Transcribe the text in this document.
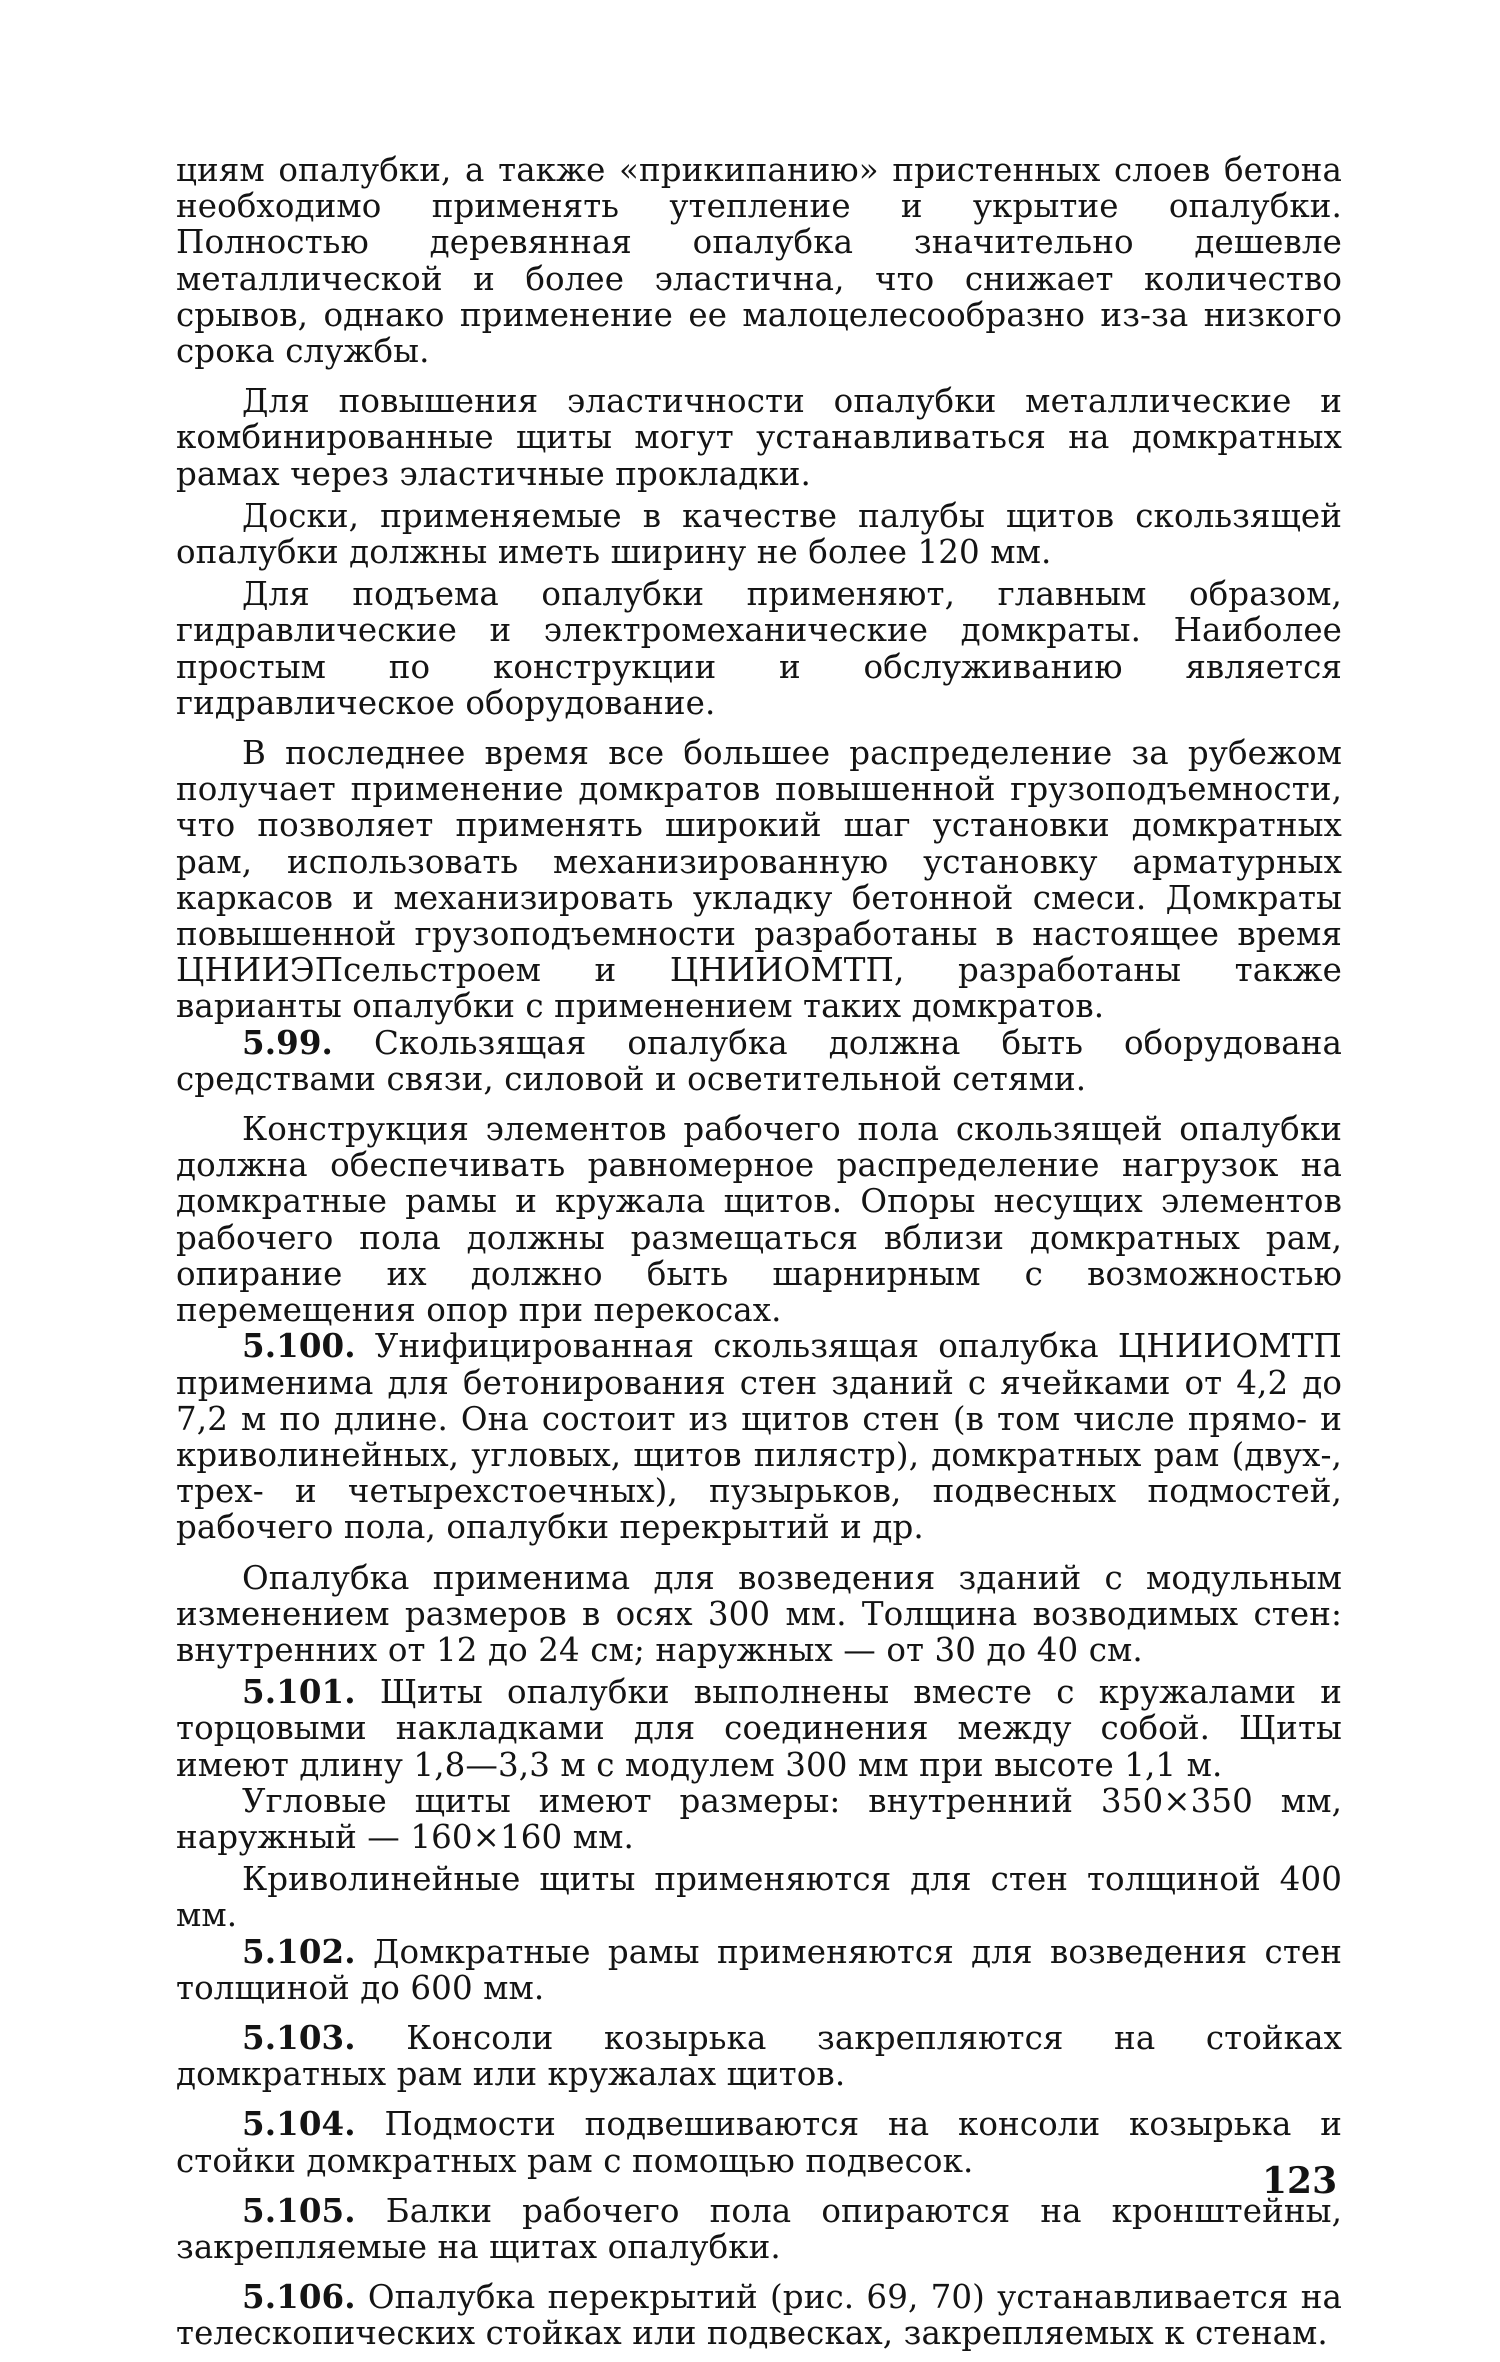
циям опалубки, а также «прикипанию» пристенных слоев бетона необходимо применять утепление и укрытие опалубки. Полностью деревянная опалубка значительно дешевле металлической и более эластична, что снижает количество срывов, однако применение ее малоцелесообразно из-за низкого срока службы.

Для повышения эластичности опалубки металлические и комбинированные щиты могут устанавливаться на домкратных рамах через эластичные прокладки.

Доски, применяемые в качестве палубы щитов скользящей опалубки должны иметь ширину не более 120 мм.

Для подъема опалубки применяют, главным образом, гидравлические и электромеханические домкраты. Наиболее простым по конструкции и обслуживанию является гидравлическое оборудование.

В последнее время все большее распределение за рубежом получает применение домкратов повышенной грузоподъемности, что позволяет применять широкий шаг установки домкратных рам, использовать механизированную установку арматурных каркасов и механизировать укладку бетонной смеси. Домкраты повышенной грузоподъемности разработаны в настоящее время ЦНИИЭПсельстроем и ЦНИИОМТП, разработаны также варианты опалубки с применением таких домкратов.

5.99. Скользящая опалубка должна быть оборудована средствами связи, силовой и осветительной сетями.

Конструкция элементов рабочего пола скользящей опалубки должна обеспечивать равномерное распределение нагрузок на домкратные рамы и кружала щитов. Опоры несущих элементов рабочего пола должны размещаться вблизи домкратных рам, опирание их должно быть шарнирным с возможностью перемещения опор при перекосах.

5.100. Унифицированная скользящая опалубка ЦНИИОМТП применима для бетонирования стен зданий с ячейками от 4,2 до 7,2 м по длине. Она состоит из щитов стен (в том числе прямо- и криволинейных, угловых, щитов пилястр), домкратных рам (двух-, трех- и четырехстоечных), пузырьков, подвесных подмостей, рабочего пола, опалубки перекрытий и др.

Опалубка применима для возведения зданий с модульным изменением размеров в осях 300 мм. Толщина возводимых стен: внутренних от 12 до 24 см; наружных — от 30 до 40 см.

5.101. Щиты опалубки выполнены вместе с кружалами и торцовыми накладками для соединения между собой. Щиты имеют длину 1,8—3,3 м с модулем 300 мм при высоте 1,1 м.

Угловые щиты имеют размеры: внутренний 350×350 мм, наружный — 160×160 мм.

Криволинейные щиты применяются для стен толщиной 400 мм.

5.102. Домкратные рамы применяются для возведения стен толщиной до 600 мм.

5.103. Консоли козырька закрепляются на стойках домкратных рам или кружалах щитов.

5.104. Подмости подвешиваются на консоли козырька и стойки домкратных рам с помощью подвесок.

5.105. Балки рабочего пола опираются на кронштейны, закрепляемые на щитах опалубки.

5.106. Опалубка перекрытий (рис. 69, 70) устанавливается на телескопических стойках или подвесках, закрепляемых к стенам.

123
